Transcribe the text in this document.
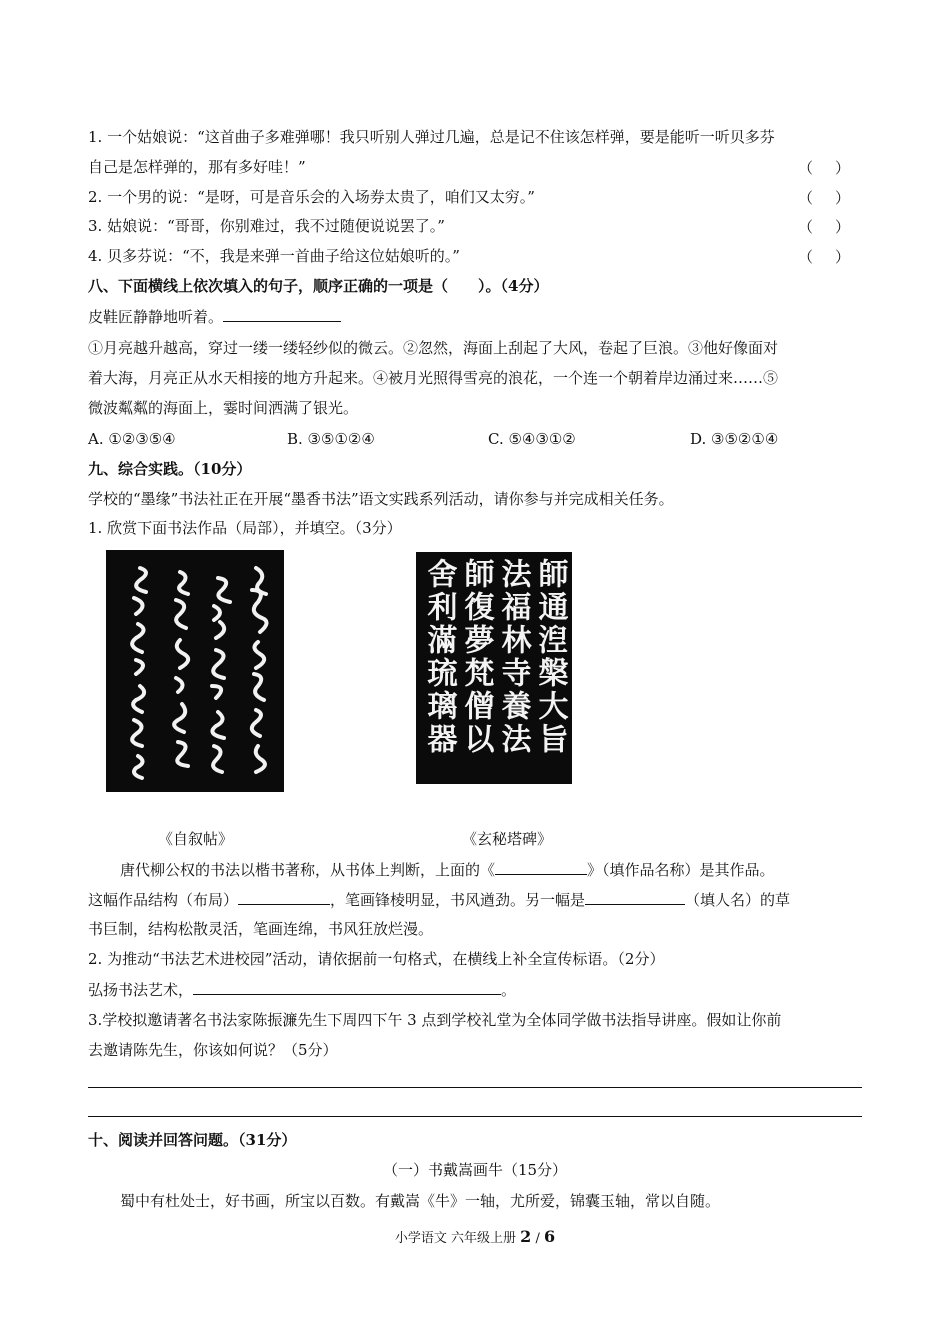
1. 一个姑娘说：“这首曲子多难弹哪！我只听别人弹过几遍，总是记不住该怎样弹，要是能听一听贝多芬
自己是怎样弹的，那有多好哇！”	（ ）
2. 一个男的说：“是呀，可是音乐会的入场券太贵了，咱们又太穷。”	（ ）
3. 姑娘说：“哥哥，你别难过，我不过随便说说罢了。”	（ ）
4. 贝多芬说：“不，我是来弹一首曲子给这位姑娘听的。”	（ ）
八、下面横线上依次填入的句子，顺序正确的一项是（　　）。（4分）
皮鞋匠静静地听着。
①月亮越升越高，穿过一缕一缕轻纱似的微云。②忽然，海面上刮起了大风，卷起了巨浪。③他好像面对
着大海，月亮正从水天相接的地方升起来。④被月光照得雪亮的浪花，一个连一个朝着岸边涌过来……⑤
微波粼粼的海面上，霎时间洒满了银光。
A. ①②③⑤④	B. ③⑤①②④	C. ⑤④③①②	D. ③⑤②①④
九、综合实践。（10分）
学校的“墨缘”书法社正在开展“墨香书法”语文实践系列活动，请你参与并完成相关任务。
1. 欣赏下面书法作品（局部），并填空。（3分）
師通湼槃大旨
法福林寺養法
師復夢梵僧以
舍利滿琉璃器
《自叙帖》	《玄秘塔碑》
唐代柳公权的书法以楷书著称，从书体上判断，上面的《	》（填作品名称）是其作品。
这幅作品结构（布局）	，笔画锋棱明显，书风遒劲。另一幅是	（填人名）的草
书巨制，结构松散灵活，笔画连绵，书风狂放烂漫。
2. 为推动“书法艺术进校园”活动，请依据前一句格式，在横线上补全宣传标语。（2分）
弘扬书法艺术，	。
3.学校拟邀请著名书法家陈振濂先生下周四下午 3 点到学校礼堂为全体同学做书法指导讲座。假如让你前
去邀请陈先生，你该如何说？（5分）
十、阅读并回答问题。（31分）
（一）书戴嵩画牛（15分）
蜀中有杜处士，好书画，所宝以百数。有戴嵩《牛》一轴，尤所爱，锦囊玉轴，常以自随。
小学语文 六年级上册 2 / 6
